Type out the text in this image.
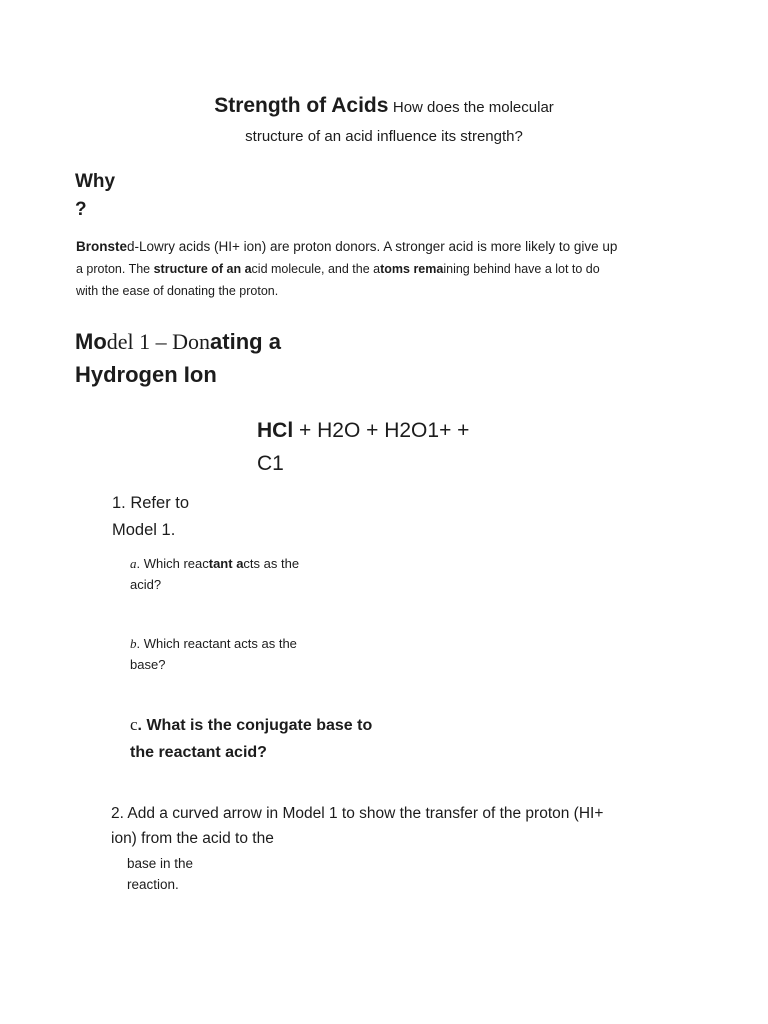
Strength of Acids How does the molecular
structure of an acid influence its strength?
Why
?
Bronsted-Lowry acids (HI+ ion) are proton donors. A stronger acid is more likely to give up
a proton. The structure of an acid molecule, and the atoms remaining behind have a lot to do
with the ease of donating the proton.
Model 1 – Donating a
Hydrogen Ion
HCl + H2O + H2O1+ +
C1
1. Refer to
Model 1.
a. Which reactant acts as the
acid?
b. Which reactant acts as the
base?
c. What is the conjugate base to
the reactant acid?
2. Add a curved arrow in Model 1 to show the transfer of the proton (HI+
ion) from the acid to the
base in the
reaction.
